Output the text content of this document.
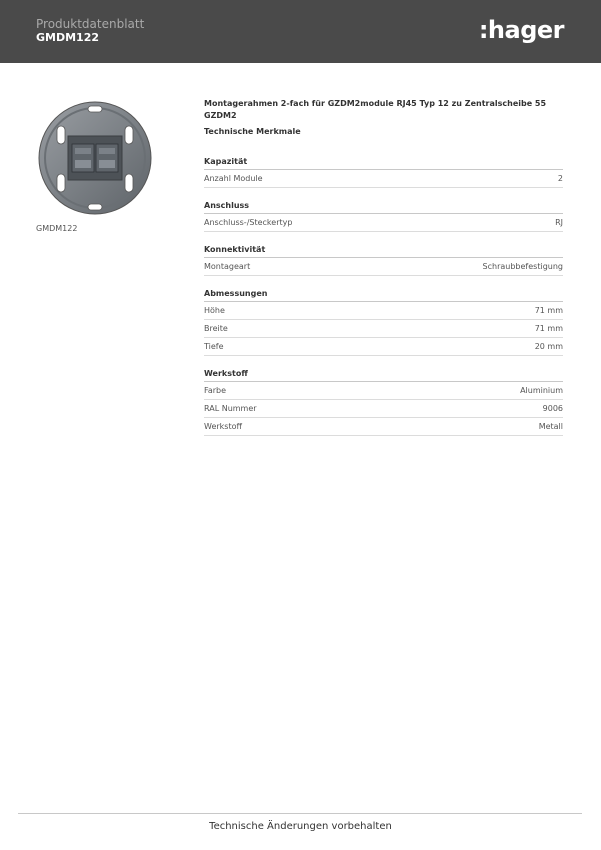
Produktdatenblatt
GMDM122	:hager
GMDM122
Montagerahmen 2-fach für GZDM2module RJ45 Typ 12 zu Zentralscheibe 55 GZDM2
Technische Merkmale
Kapazität
Anzahl Module	2
Anschluss
Anschluss-/Steckertyp	RJ
Konnektivität
Montageart	Schraubbefestigung
Abmessungen
Höhe	71 mm
Breite	71 mm
Tiefe	20 mm
Werkstoff
Farbe	Aluminium
RAL Nummer	9006
Werkstoff	Metall
Technische Änderungen vorbehalten
